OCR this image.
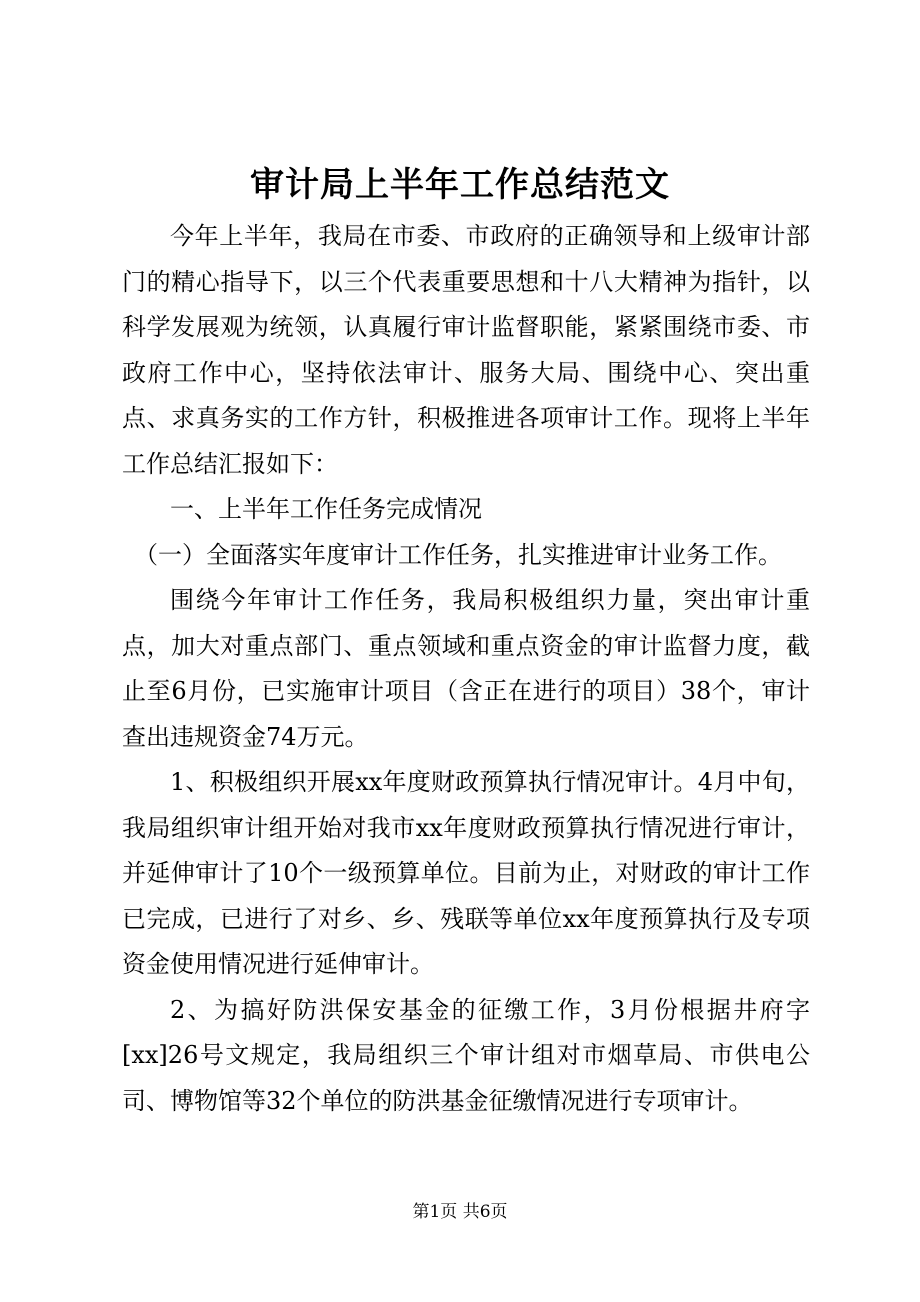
审计局上半年工作总结范文

今年上半年，我局在市委、市政府的正确领导和上级审计部门的精心指导下，以三个代表重要思想和十八大精神为指针，以科学发展观为统领，认真履行审计监督职能，紧紧围绕市委、市政府工作中心，坚持依法审计、服务大局、围绕中心、突出重点、求真务实的工作方针，积极推进各项审计工作。现将上半年工作总结汇报如下：

一、上半年工作任务完成情况

（一）全面落实年度审计工作任务，扎实推进审计业务工作。

围绕今年审计工作任务，我局积极组织力量，突出审计重点，加大对重点部门、重点领域和重点资金的审计监督力度，截止至6月份，已实施审计项目（含正在进行的项目）38个，审计查出违规资金74万元。

1、积极组织开展xx年度财政预算执行情况审计。4月中旬，我局组织审计组开始对我市xx年度财政预算执行情况进行审计，并延伸审计了10个一级预算单位。目前为止，对财政的审计工作已完成，已进行了对乡、乡、残联等单位xx年度预算执行及专项资金使用情况进行延伸审计。

2、为搞好防洪保安基金的征缴工作，3月份根据井府字[xx]26号文规定，我局组织三个审计组对市烟草局、市供电公司、博物馆等32个单位的防洪基金征缴情况进行专项审计。

第1页 共6页
